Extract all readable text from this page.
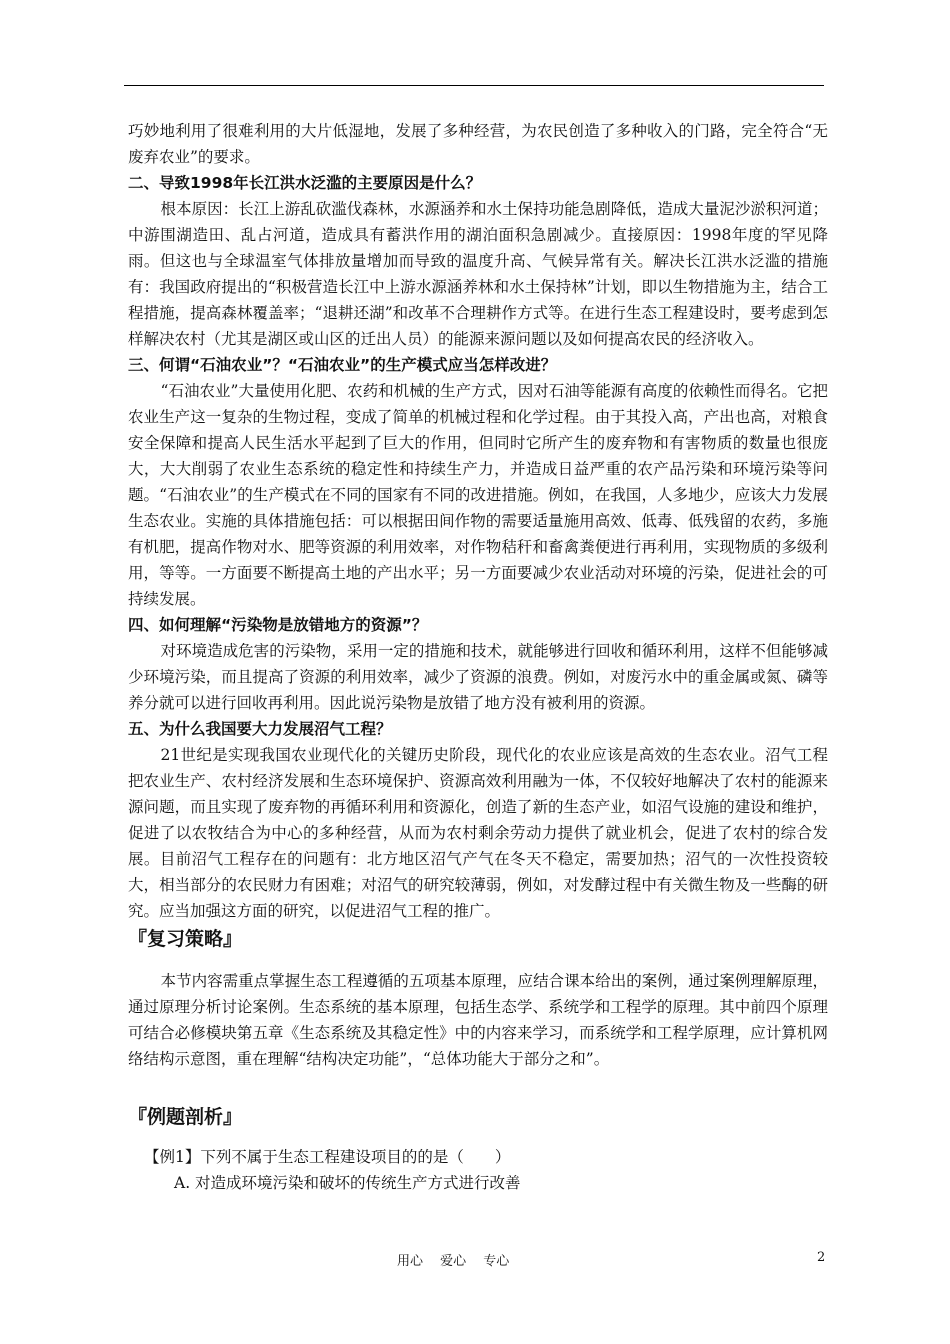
巧妙地利用了很难利用的大片低湿地，发展了多种经营，为农民创造了多种收入的门路，完全符合“无废弃农业”的要求。

二、导致1998年长江洪水泛滥的主要原因是什么？

根本原因：长江上游乱砍滥伐森林，水源涵养和水土保持功能急剧降低，造成大量泥沙淤积河道；中游围湖造田、乱占河道，造成具有蓄洪作用的湖泊面积急剧减少。直接原因：1998年度的罕见降雨。但这也与全球温室气体排放量增加而导致的温度升高、气候异常有关。解决长江洪水泛滥的措施有：我国政府提出的“积极营造长江中上游水源涵养林和水土保持林”计划，即以生物措施为主，结合工程措施，提高森林覆盖率；“退耕还湖”和改革不合理耕作方式等。在进行生态工程建设时，要考虑到怎样解决农村（尤其是湖区或山区的迁出人员）的能源来源问题以及如何提高农民的经济收入。

三、何谓“石油农业”？“石油农业”的生产模式应当怎样改进？

“石油农业”大量使用化肥、农药和机械的生产方式，因对石油等能源有高度的依赖性而得名。它把农业生产这一复杂的生物过程，变成了简单的机械过程和化学过程。由于其投入高，产出也高，对粮食安全保障和提高人民生活水平起到了巨大的作用，但同时它所产生的废弃物和有害物质的数量也很庞大，大大削弱了农业生态系统的稳定性和持续生产力，并造成日益严重的农产品污染和环境污染等问题。“石油农业”的生产模式在不同的国家有不同的改进措施。例如，在我国，人多地少，应该大力发展生态农业。实施的具体措施包括：可以根据田间作物的需要适量施用高效、低毒、低残留的农药，多施有机肥，提高作物对水、肥等资源的利用效率，对作物秸秆和畜禽粪便进行再利用，实现物质的多级利用，等等。一方面要不断提高土地的产出水平；另一方面要减少农业活动对环境的污染，促进社会的可持续发展。

四、如何理解“污染物是放错地方的资源”？

对环境造成危害的污染物，采用一定的措施和技术，就能够进行回收和循环利用，这样不但能够减少环境污染，而且提高了资源的利用效率，减少了资源的浪费。例如，对废污水中的重金属或氮、磷等养分就可以进行回收再利用。因此说污染物是放错了地方没有被利用的资源。

五、为什么我国要大力发展沼气工程？

21世纪是实现我国农业现代化的关键历史阶段，现代化的农业应该是高效的生态农业。沼气工程把农业生产、农村经济发展和生态环境保护、资源高效利用融为一体，不仅较好地解决了农村的能源来源问题，而且实现了废弃物的再循环利用和资源化，创造了新的生态产业，如沼气设施的建设和维护，促进了以农牧结合为中心的多种经营，从而为农村剩余劳动力提供了就业机会，促进了农村的综合发展。目前沼气工程存在的问题有：北方地区沼气产气在冬天不稳定，需要加热；沼气的一次性投资较大，相当部分的农民财力有困难；对沼气的研究较薄弱，例如，对发酵过程中有关微生物及一些酶的研究。应当加强这方面的研究，以促进沼气工程的推广。

『复习策略』

本节内容需重点掌握生态工程遵循的五项基本原理，应结合课本给出的案例，通过案例理解原理，通过原理分析讨论案例。生态系统的基本原理，包括生态学、系统学和工程学的原理。其中前四个原理可结合必修模块第五章《生态系统及其稳定性》中的内容来学习，而系统学和工程学原理，应计算机网络结构示意图，重在理解“结构决定功能”，“总体功能大于部分之和”。

『例题剖析』

【例1】下列不属于生态工程建设项目的的是（　　）

A. 对造成环境污染和破坏的传统生产方式进行改善

用心　 爱心　 专心	2
